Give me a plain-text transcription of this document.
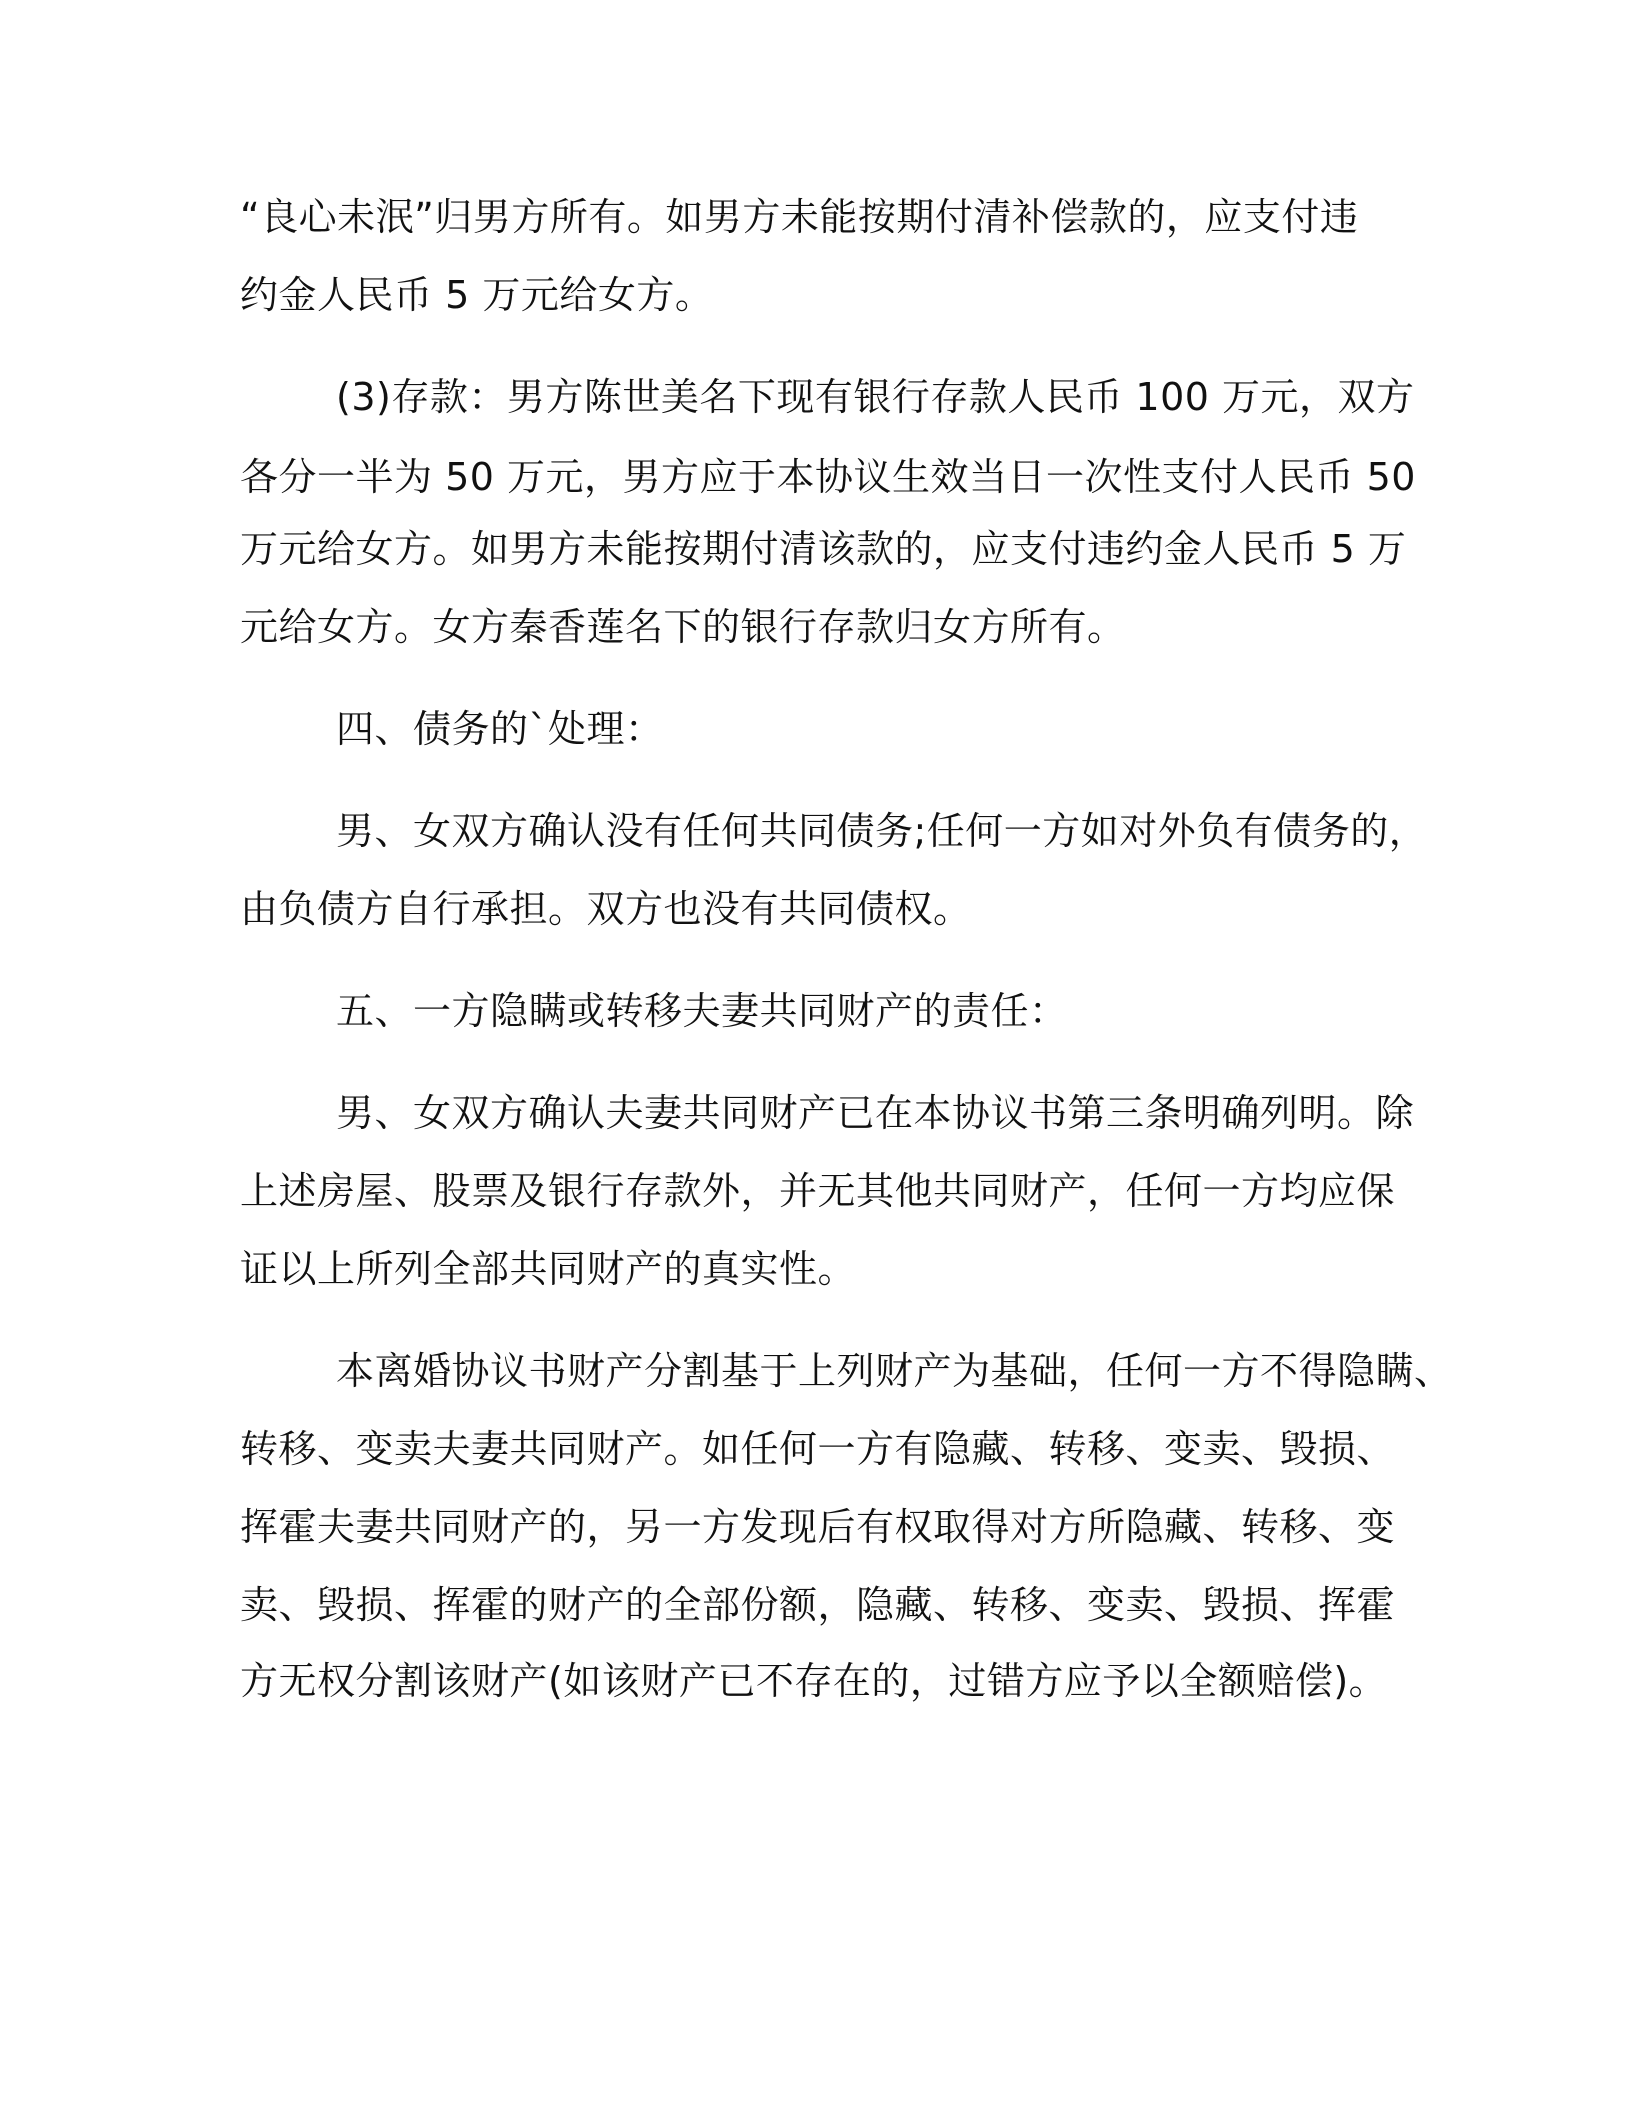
“良心未泯”归男方所有。如男方未能按期付清补偿款的，应支付违
约金人民币 5 万元给女方。
(3)存款：男方陈世美名下现有银行存款人民币 100 万元，双方
各分一半为 50 万元，男方应于本协议生效当日一次性支付人民币 50
万元给女方。如男方未能按期付清该款的，应支付违约金人民币 5 万
元给女方。女方秦香莲名下的银行存款归女方所有。
四、债务的`处理：
男、女双方确认没有任何共同债务;任何一方如对外负有债务的，
由负债方自行承担。双方也没有共同债权。
五、一方隐瞒或转移夫妻共同财产的责任：
男、女双方确认夫妻共同财产已在本协议书第三条明确列明。除
上述房屋、股票及银行存款外，并无其他共同财产，任何一方均应保
证以上所列全部共同财产的真实性。
本离婚协议书财产分割基于上列财产为基础，任何一方不得隐瞒、
转移、变卖夫妻共同财产。如任何一方有隐藏、转移、变卖、毁损、
挥霍夫妻共同财产的，另一方发现后有权取得对方所隐藏、转移、变
卖、毁损、挥霍的财产的全部份额，隐藏、转移、变卖、毁损、挥霍
方无权分割该财产(如该财产已不存在的，过错方应予以全额赔偿)。
